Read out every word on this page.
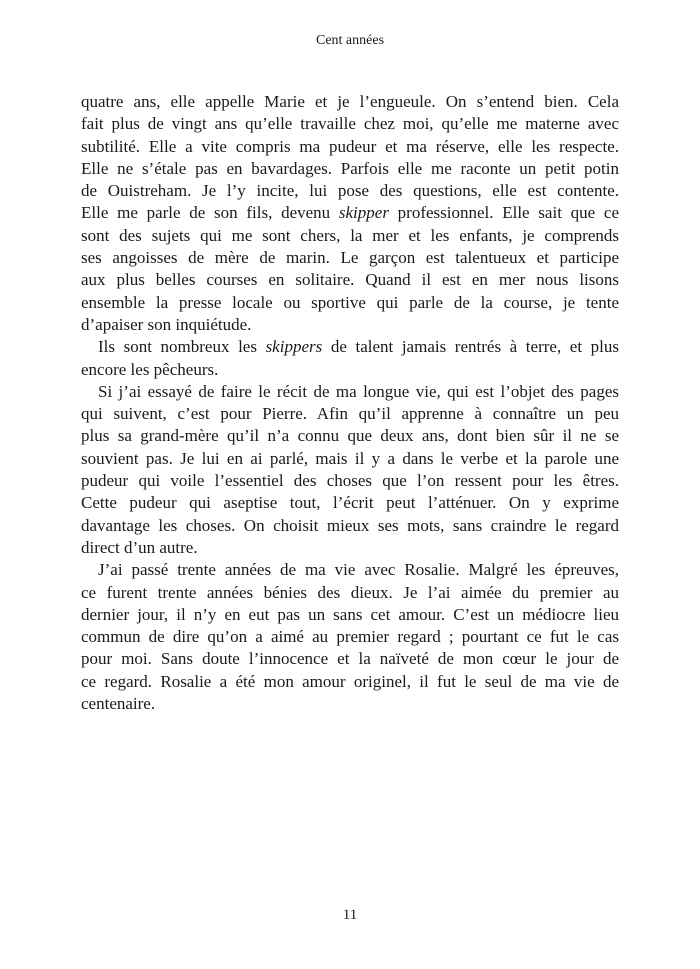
Cent années
quatre ans, elle appelle Marie et je l’engueule. On s’entend bien. Cela
fait plus de vingt ans qu’elle travaille chez moi, qu’elle me materne avec
subtilité. Elle a vite compris ma pudeur et ma réserve, elle les respecte.
Elle ne s’étale pas en bavardages. Parfois elle me raconte un petit potin
de Ouistreham. Je l’y incite, lui pose des questions, elle est contente.
Elle me parle de son fils, devenu skipper professionnel. Elle sait que ce
sont des sujets qui me sont chers, la mer et les enfants, je comprends
ses angoisses de mère de marin. Le garçon est talentueux et participe
aux plus belles courses en solitaire. Quand il est en mer nous lisons
ensemble la presse locale ou sportive qui parle de la course, je tente
d’apaiser son inquiétude.
Ils sont nombreux les skippers de talent jamais rentrés à terre, et plus
encore les pêcheurs.
Si j’ai essayé de faire le récit de ma longue vie, qui est l’objet des pages
qui suivent, c’est pour Pierre. Afin qu’il apprenne à connaître un peu
plus sa grand-mère qu’il n’a connu que deux ans, dont bien sûr il ne se
souvient pas. Je lui en ai parlé, mais il y a dans le verbe et la parole une
pudeur qui voile l’essentiel des choses que l’on ressent pour les êtres.
Cette pudeur qui aseptise tout, l’écrit peut l’atténuer. On y exprime
davantage les choses. On choisit mieux ses mots, sans craindre le regard
direct d’un autre.
J’ai passé trente années de ma vie avec Rosalie. Malgré les épreuves,
ce furent trente années bénies des dieux. Je l’ai aimée du premier au
dernier jour, il n’y en eut pas un sans cet amour. C’est un médiocre lieu
commun de dire qu’on a aimé au premier regard ; pourtant ce fut le cas
pour moi. Sans doute l’innocence et la naïveté de mon cœur le jour de
ce regard. Rosalie a été mon amour originel, il fut le seul de ma vie de
centenaire.
11
